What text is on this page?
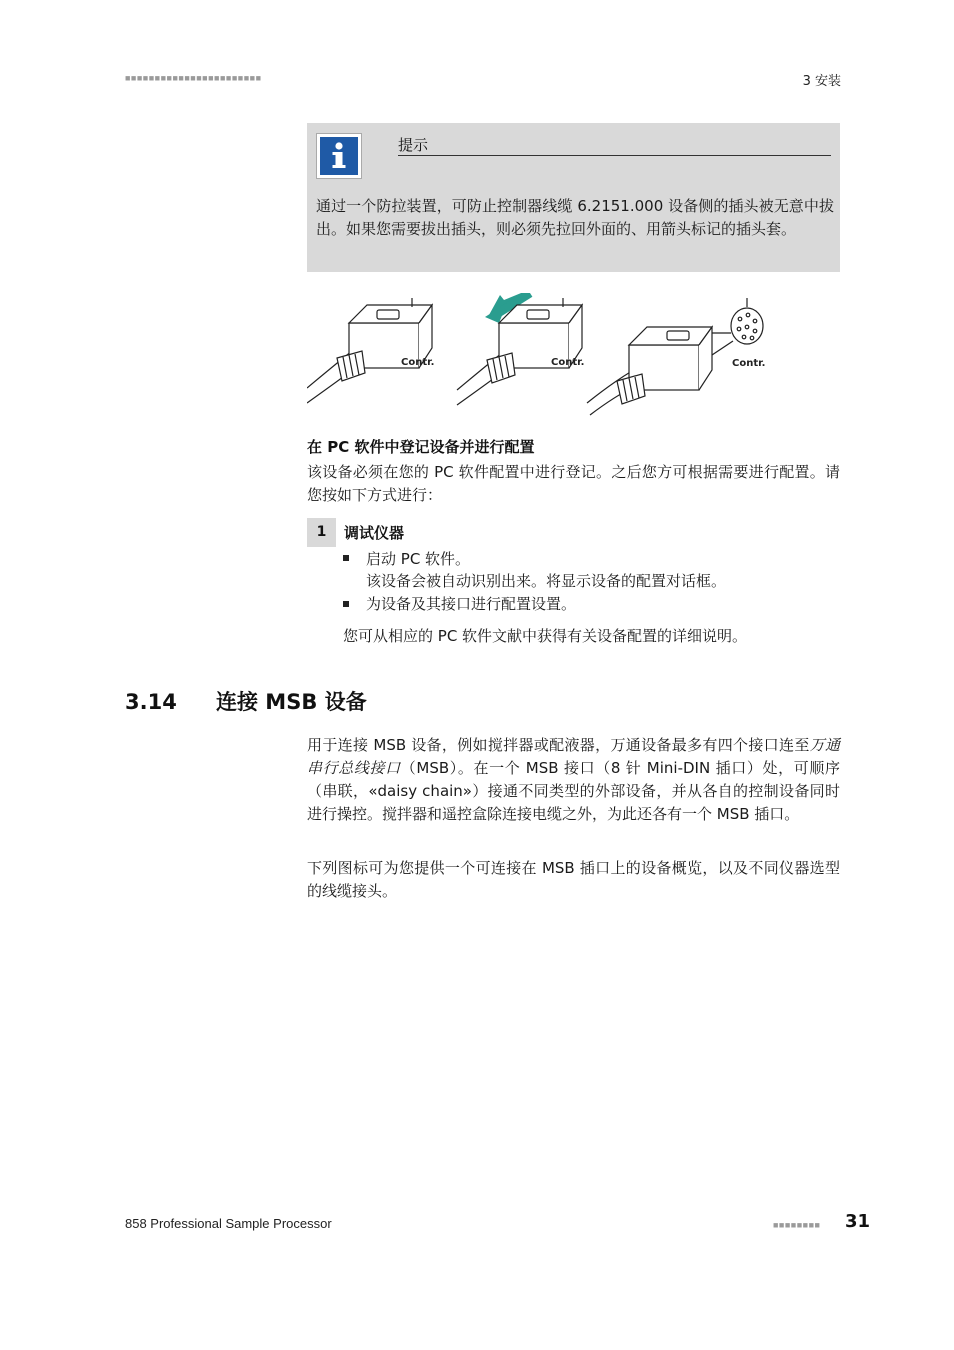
■■■■■■■■■■■■■■■■■■■■■■■	3 安装
提示
通过一个防拉装置，可防止控制器线缆 6.2151.000 设备侧的插头被无意中拔出。如果您需要拔出插头，则必须先拉回外面的、用箭头标记的插头套。
Contr.	Contr.	Contr.
在 PC 软件中登记设备并进行配置
该设备必须在您的 PC 软件配置中进行登记。之后您方可根据需要进行配置。请您按如下方式进行：
1	调试仪器
启动 PC 软件。
该设备会被自动识别出来。将显示设备的配置对话框。
为设备及其接口进行配置设置。
您可从相应的 PC 软件文献中获得有关设备配置的详细说明。
3.14 连接 MSB 设备
用于连接 MSB 设备，例如搅拌器或配液器，万通设备最多有四个接口连至万通串行总线接口（MSB）。在一个 MSB 接口（8 针 Mini-DIN 插口）处，可顺序（串联，«daisy chain»）接通不同类型的外部设备，并从各自的控制设备同时进行操控。搅拌器和遥控盒除连接电缆之外，为此还各有一个 MSB 插口。
下列图标可为您提供一个可连接在 MSB 插口上的设备概览，以及不同仪器选型的线缆接头。
858 Professional Sample Processor	■■■■■■■■ 31
